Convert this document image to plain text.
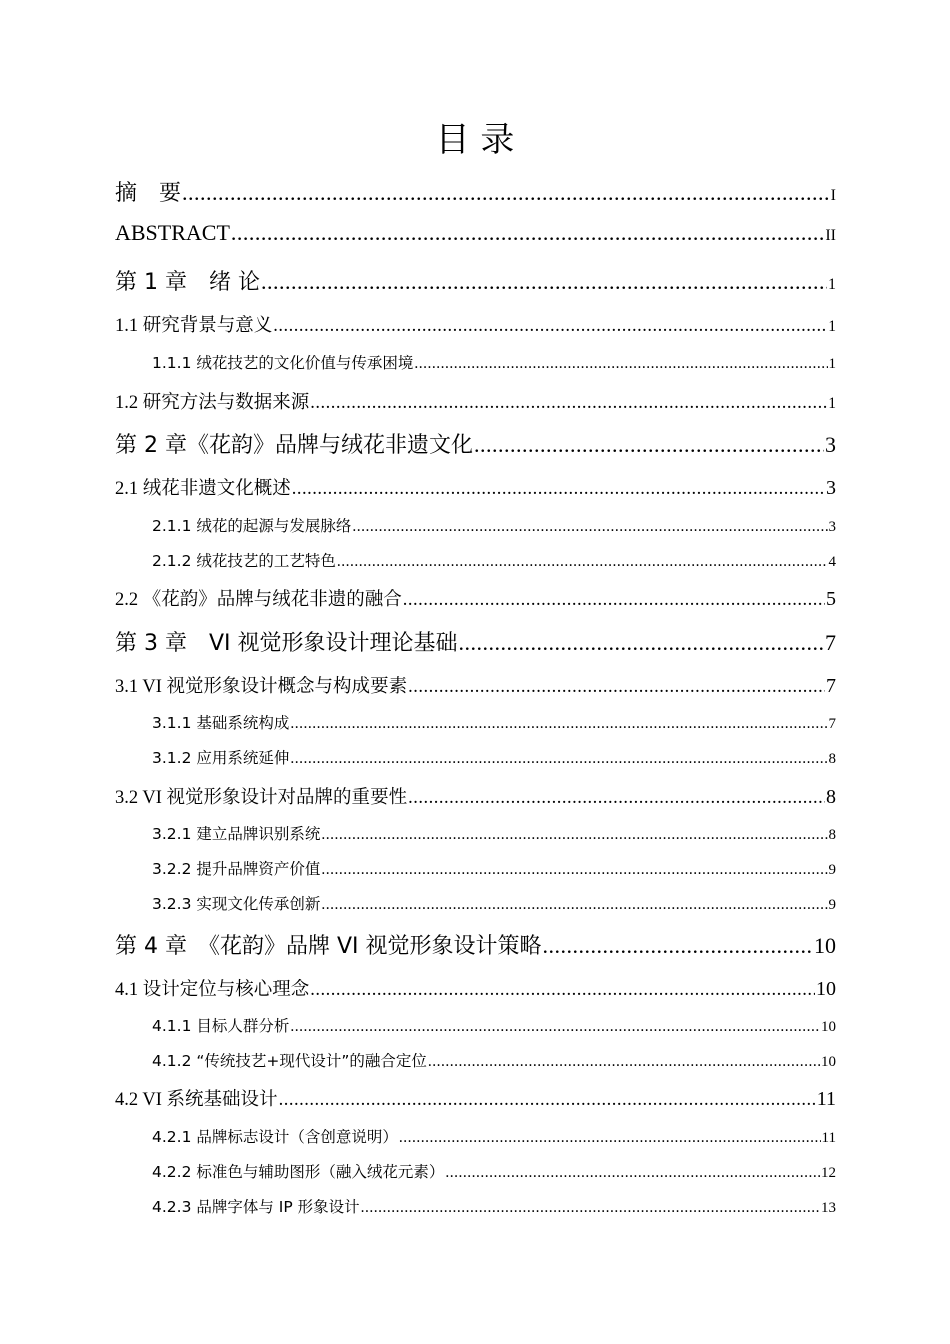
目 录
摘　要 .....	I
ABSTRACT .....	II
第 1 章　绪 论 .....	1
1.1 研究背景与意义 .....	1
1.1.1 绒花技艺的文化价值与传承困境 .....	1
1.2 研究方法与数据来源 .....	1
第 2 章《花韵》品牌与绒花非遗文化 .....	3
2.1 绒花非遗文化概述 .....	3
2.1.1 绒花的起源与发展脉络 .....	3
2.1.2 绒花技艺的工艺特色 .....	4
2.2 《花韵》品牌与绒花非遗的融合 .....	5
第 3 章　VI 视觉形象设计理论基础 .....	7
3.1 VI 视觉形象设计概念与构成要素 .....	7
3.1.1 基础系统构成 .....	7
3.1.2 应用系统延伸 .....	8
3.2 VI 视觉形象设计对品牌的重要性 .....	8
3.2.1 建立品牌识别系统 .....	8
3.2.2 提升品牌资产价值 .....	9
3.2.3 实现文化传承创新 .....	9
第 4 章　《花韵》品牌 VI 视觉形象设计策略 .....	10
4.1 设计定位与核心理念 .....	10
4.1.1 目标人群分析 .....	10
4.1.2 “传统技艺+现代设计”的融合定位 .....	10
4.2 VI 系统基础设计 .....	11
4.2.1 品牌标志设计（含创意说明） .....	11
4.2.2 标准色与辅助图形（融入绒花元素） .....	12
4.2.3 品牌字体与 IP 形象设计 .....	13
